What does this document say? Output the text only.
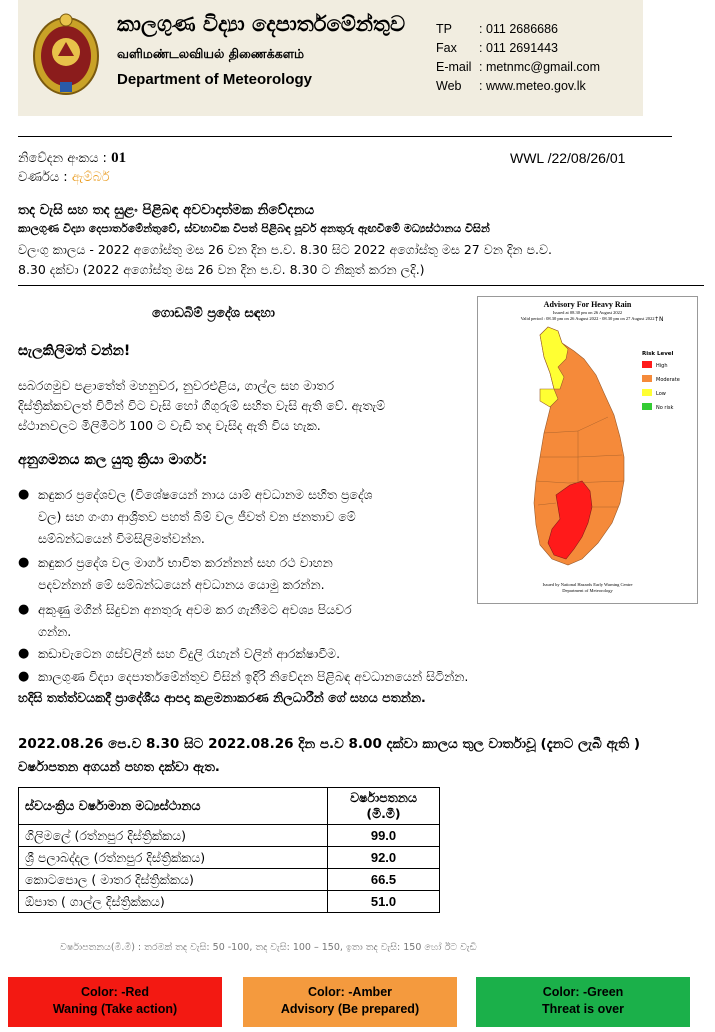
කාලගුණ විද්‍යා දෙපාර්තමේන්තුව
வளிமண்டலவியல் திணைக்களம்
Department of Meteorology
TP	: 011 2686686
Fax	: 011 2691443
E-mail : metnmc@gmail.com
Web	: www.meteo.gov.lk
නිවේදන අංකය : 01	WWL /22/08/26/01
වර්ණය : ඇම්බර්
තද වැසි සහ තද සුළං පිළිබඳ අවවාදාත්මක නිවේදනය
කාලගුණ විද්‍යා දෙපාර්තමේන්තුවේ, ස්වභාවික විපත් පිළිබඳ පූර්ව අනතුරු ඇඟවීමේ මධ්‍යස්ථානය විසින්
වලංගු කාලය - 2022 අගෝස්තු මස 26 වන දින ප.ව. 8.30 සිට 2022 අගෝස්තු මස 27 වන දින ප.ව.
8.30 දක්වා (2022 අගෝස්තු මස 26 වන දින ප.ව. 8.30 ට නිකුත් කරන ලදි.)
ගොඩබිම් ප්‍රදේශ සඳහා
සැලකිලිමත් වන්න!
සබරගමුව පළාතේත් මහනුවර, නුවරඑළිය, ගාල්ල සහ මාතර
දිස්ත්‍රික්කවලත් විටින් විට වැසි හෝ ගිගුරුම් සහිත වැසි ඇති වේ. ඇතැම්
ස්ථානවලට මිලිමීටර් 100 ට වැඩි තද වැසිද ඇති විය හැක.
අනුගමනය කල යුතු ක්‍රියා මාර්ග:
● කඳුකර ප්‍රදේශවල (විශේෂයෙන් නාය යාම් අවධානම සහිත ප්‍රදේශ
වල) සහ ගංගා ආශ්‍රිතව පහත් බිම් වල ජීවත් වන ජනතාව මේ
සම්බන්ධයෙන් විමසිලිමත්වන්න.
● කඳුකර ප්‍රදේශ වල මාර්ග භාවිත කරන්නන් සහ රථ වාහන
පදවන්නන් මේ සම්බන්ධයෙන් අවධානය යොමු කරන්න.
● අකුණු මගින් සිදුවන අනතුරු අවම කර ගැනීමට අවශ්‍ය පියවර
ගන්න.
● කඩාවැටෙන ගස්වලින් සහ විදුලි රැහැන් වලින් ආරක්ෂාවීම.
● කාලගුණ විද්‍යා දෙපාර්තමේන්තුව විසින් ඉදිරි නිවේදන පිළිබඳ අවධානයෙන් සිටින්න.
හදිසි තත්ත්වයකදී ප්‍රාදේශීය ආපදා කළමනාකරණ නිලධාරීන් ගේ සහය පතන්න.
Advisory For Heavy Rain
Issued at 08.30 pm on 26 August 2022
Valid period : 08.30 pm on 26 August 2022 - 08.30 pm on 27 August 2022 ↑N
Risk Level
High
Moderate
Low
No risk
Issued by National Hazards Early Warning Centre
Department of Meteorology
2022.08.26 පෙ.ව 8.30 සිට 2022.08.26 දින ප.ව 8.00 දක්වා කාලය තුල වාර්තාවූ (දැනට ලැබී ඇති )
වර්ෂාපතන අගයන් පහත දක්වා ඇත.
ස්වයංක්‍රිය වර්ෂාමාන මධ්‍යස්ථානය	වර්ෂාපතනය
(මි.මී)

ගිලිමලේ (රත්නපුර දිස්ත්‍රික්කය)	99.0
ශ්‍රී පලාබද්දල (රත්නපුර දිස්ත්‍රික්කය)	92.0
කොටපොල ( මාතර දිස්ත්‍රික්කය)	66.5
ඕපාත ( ගාල්ල දිස්ත්‍රික්කය)	51.0
වර්ෂාපතනය(මි.මී) : තරමක් තද වැසි: 50 -100, තද වැසි: 100 – 150, ඉතා තද වැසි: 150 හෝ ඊට වැඩි
Color: -Red
Waning (Take action)
Color: -Amber
Advisory (Be prepared)
Color: -Green
Threat is over
